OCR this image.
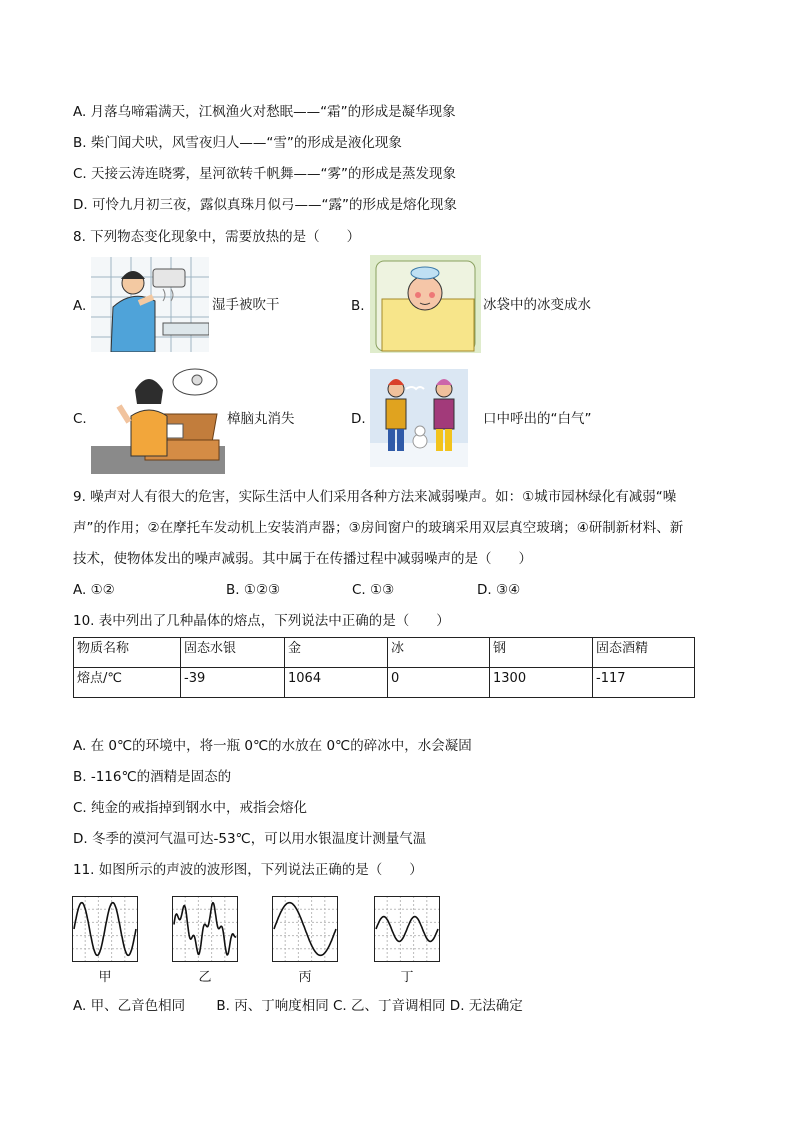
A. 月落乌啼霜满天，江枫渔火对愁眠——“霜”的形成是凝华现象
B. 柴门闻犬吠，风雪夜归人——“雪”的形成是液化现象
C. 天接云涛连晓雾，星河欲转千帆舞——“雾”的形成是蒸发现象
D. 可怜九月初三夜，露似真珠月似弓——“露”的形成是熔化现象
8. 下列物态变化现象中，需要放热的是（　　）
A.	湿手被吹干	B.	冰袋中的冰变成水
C.	樟脑丸消失	D.	口中呼出的“白气”
9. 噪声对人有很大的危害，实际生活中人们采用各种方法来减弱噪声。如：①城市园林绿化有减弱“噪
声”的作用；②在摩托车发动机上安装消声器；③房间窗户的玻璃采用双层真空玻璃；④研制新材料、新
技术，使物体发出的噪声减弱。其中属于在传播过程中减弱噪声的是（　　）
A. ①②	B. ①②③	C. ①③	D. ③④
10. 表中列出了几种晶体的熔点，下列说法中正确的是（　　）
物质名称	固态水银	金	冰	钢	固态酒精
熔点/℃	-39	1064	0	1300	-117
A. 在 0℃的环境中，将一瓶 0℃的水放在 0℃的碎冰中，水会凝固
B. -116℃的酒精是固态的
C. 纯金的戒指掉到钢水中，戒指会熔化
D. 冬季的漠河气温可达-53℃，可以用水银温度计测量气温
11. 如图所示的声波的波形图，下列说法正确的是（　　）
甲	乙	丙	丁
A. 甲、乙音色相同　　 B. 丙、丁响度相同 C. 乙、丁音调相同 D. 无法确定
